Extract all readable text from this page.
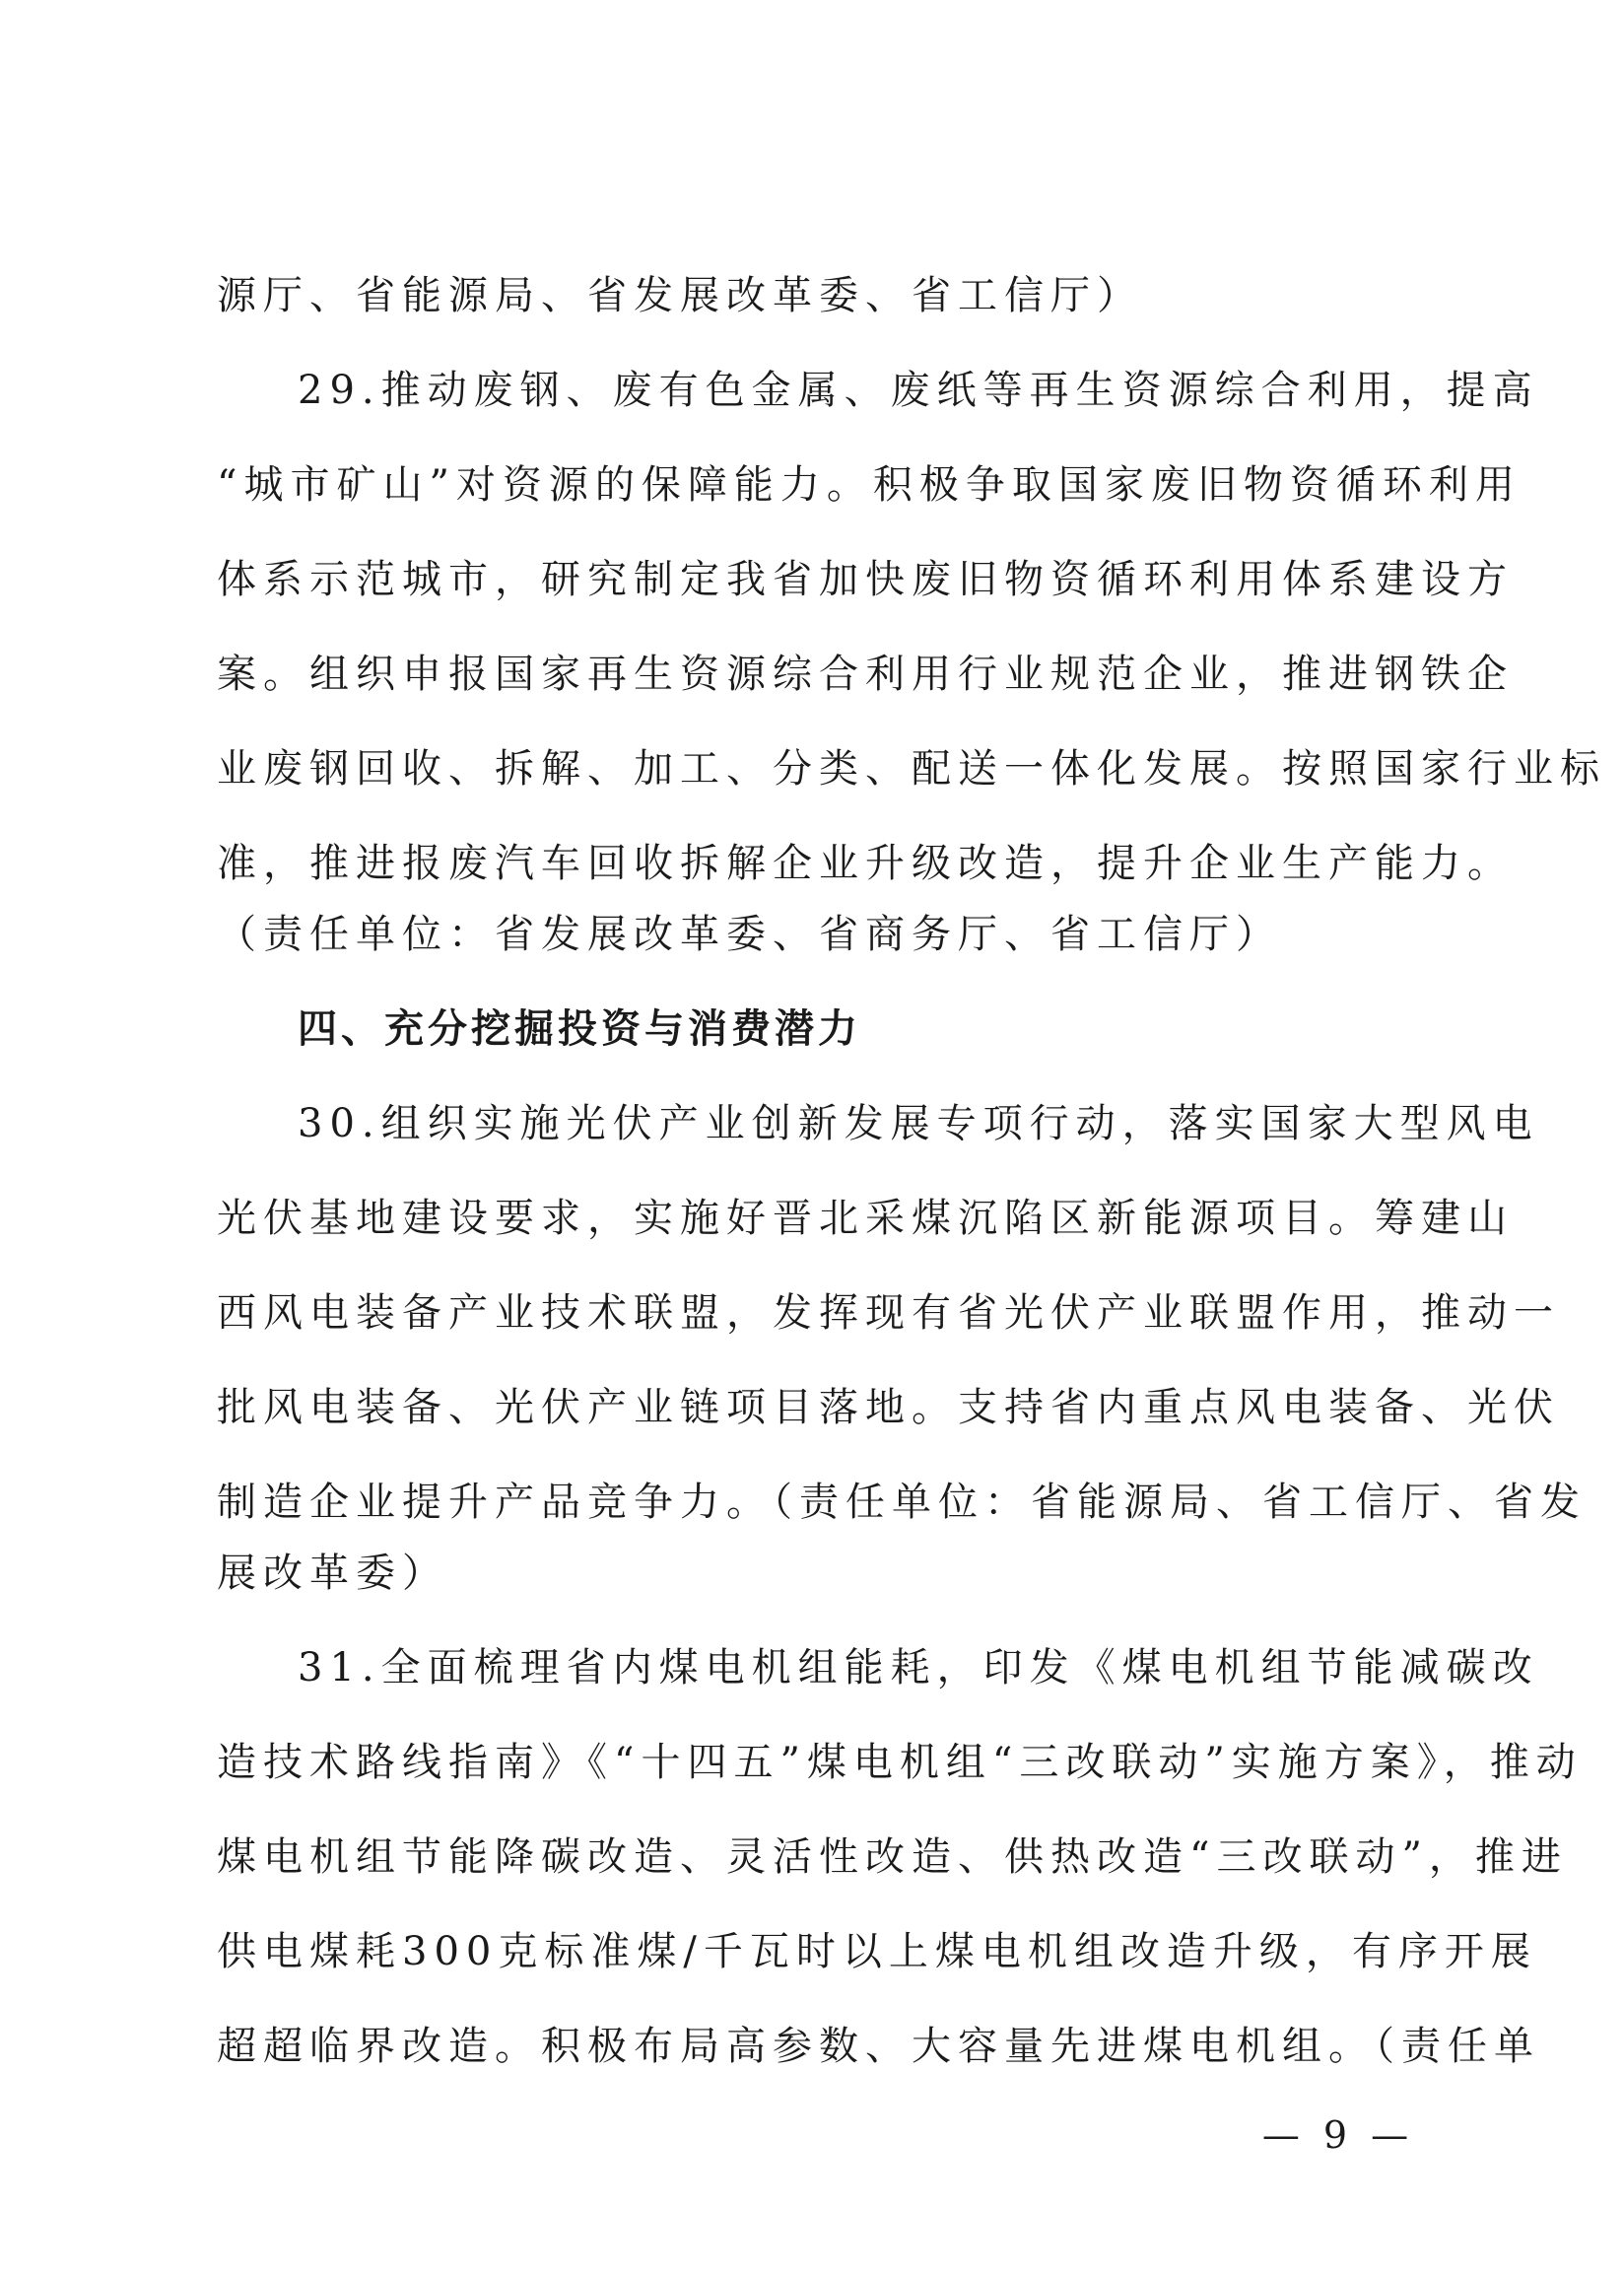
源厅、省能源局、省发展改革委、省工信厅）
29.推动废钢、废有色金属、废纸等再生资源综合利用，提高
“城市矿山”对资源的保障能力。积极争取国家废旧物资循环利用
体系示范城市，研究制定我省加快废旧物资循环利用体系建设方
案。组织申报国家再生资源综合利用行业规范企业，推进钢铁企
业废钢回收、拆解、加工、分类、配送一体化发展。按照国家行业标
准，推进报废汽车回收拆解企业升级改造，提升企业生产能力。
（责任单位：省发展改革委、省商务厅、省工信厅）
四、充分挖掘投资与消费潜力
30.组织实施光伏产业创新发展专项行动，落实国家大型风电
光伏基地建设要求，实施好晋北采煤沉陷区新能源项目。筹建山
西风电装备产业技术联盟，发挥现有省光伏产业联盟作用，推动一
批风电装备、光伏产业链项目落地。支持省内重点风电装备、光伏
制造企业提升产品竞争力。（责任单位：省能源局、省工信厅、省发
展改革委）
31.全面梳理省内煤电机组能耗，印发《煤电机组节能减碳改
造技术路线指南》《“十四五”煤电机组“三改联动”实施方案》，推动
煤电机组节能降碳改造、灵活性改造、供热改造“三改联动”，推进
供电煤耗300克标准煤/千瓦时以上煤电机组改造升级，有序开展
超超临界改造。积极布局高参数、大容量先进煤电机组。（责任单
— 9 —
